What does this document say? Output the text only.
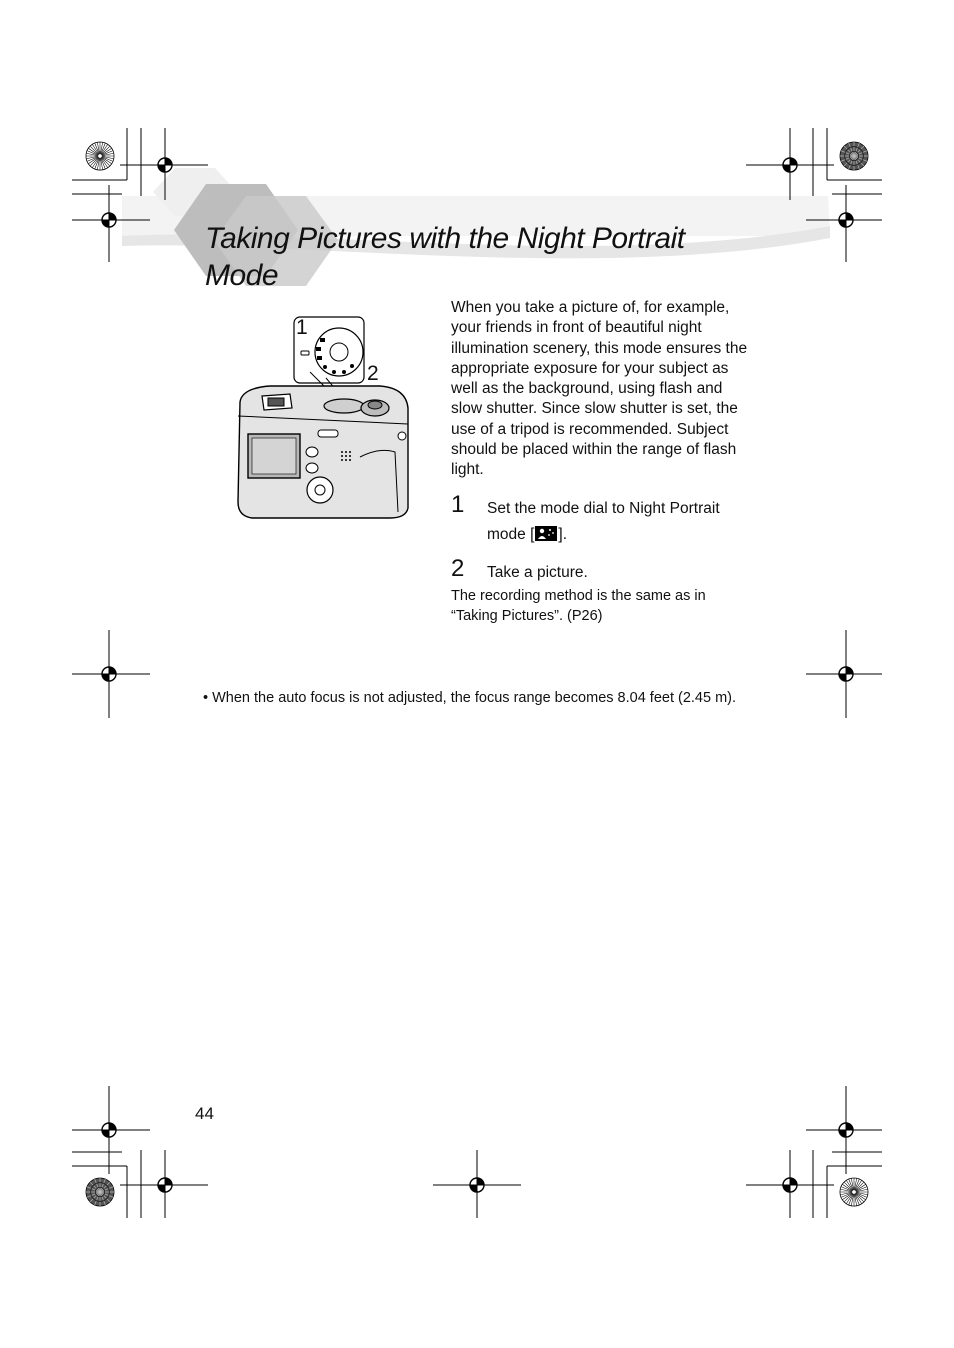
Taking Pictures with the Night Portrait Mode
1
2

When you take a picture of, for example, your friends in front of beautiful night illumination scenery, this mode ensures the appropriate exposure for your subject as well as the background, using flash and slow shutter. Since slow shutter is set, the use of a tripod is recommended. Subject should be placed within the range of flash light.

1 Set the mode dial to Night Portrait mode [ ].
2 Take a picture.

The recording method is the same as in “Taking Pictures”. (P26)

• When the auto focus is not adjusted, the focus range becomes 8.04 feet (2.45 m).

44
